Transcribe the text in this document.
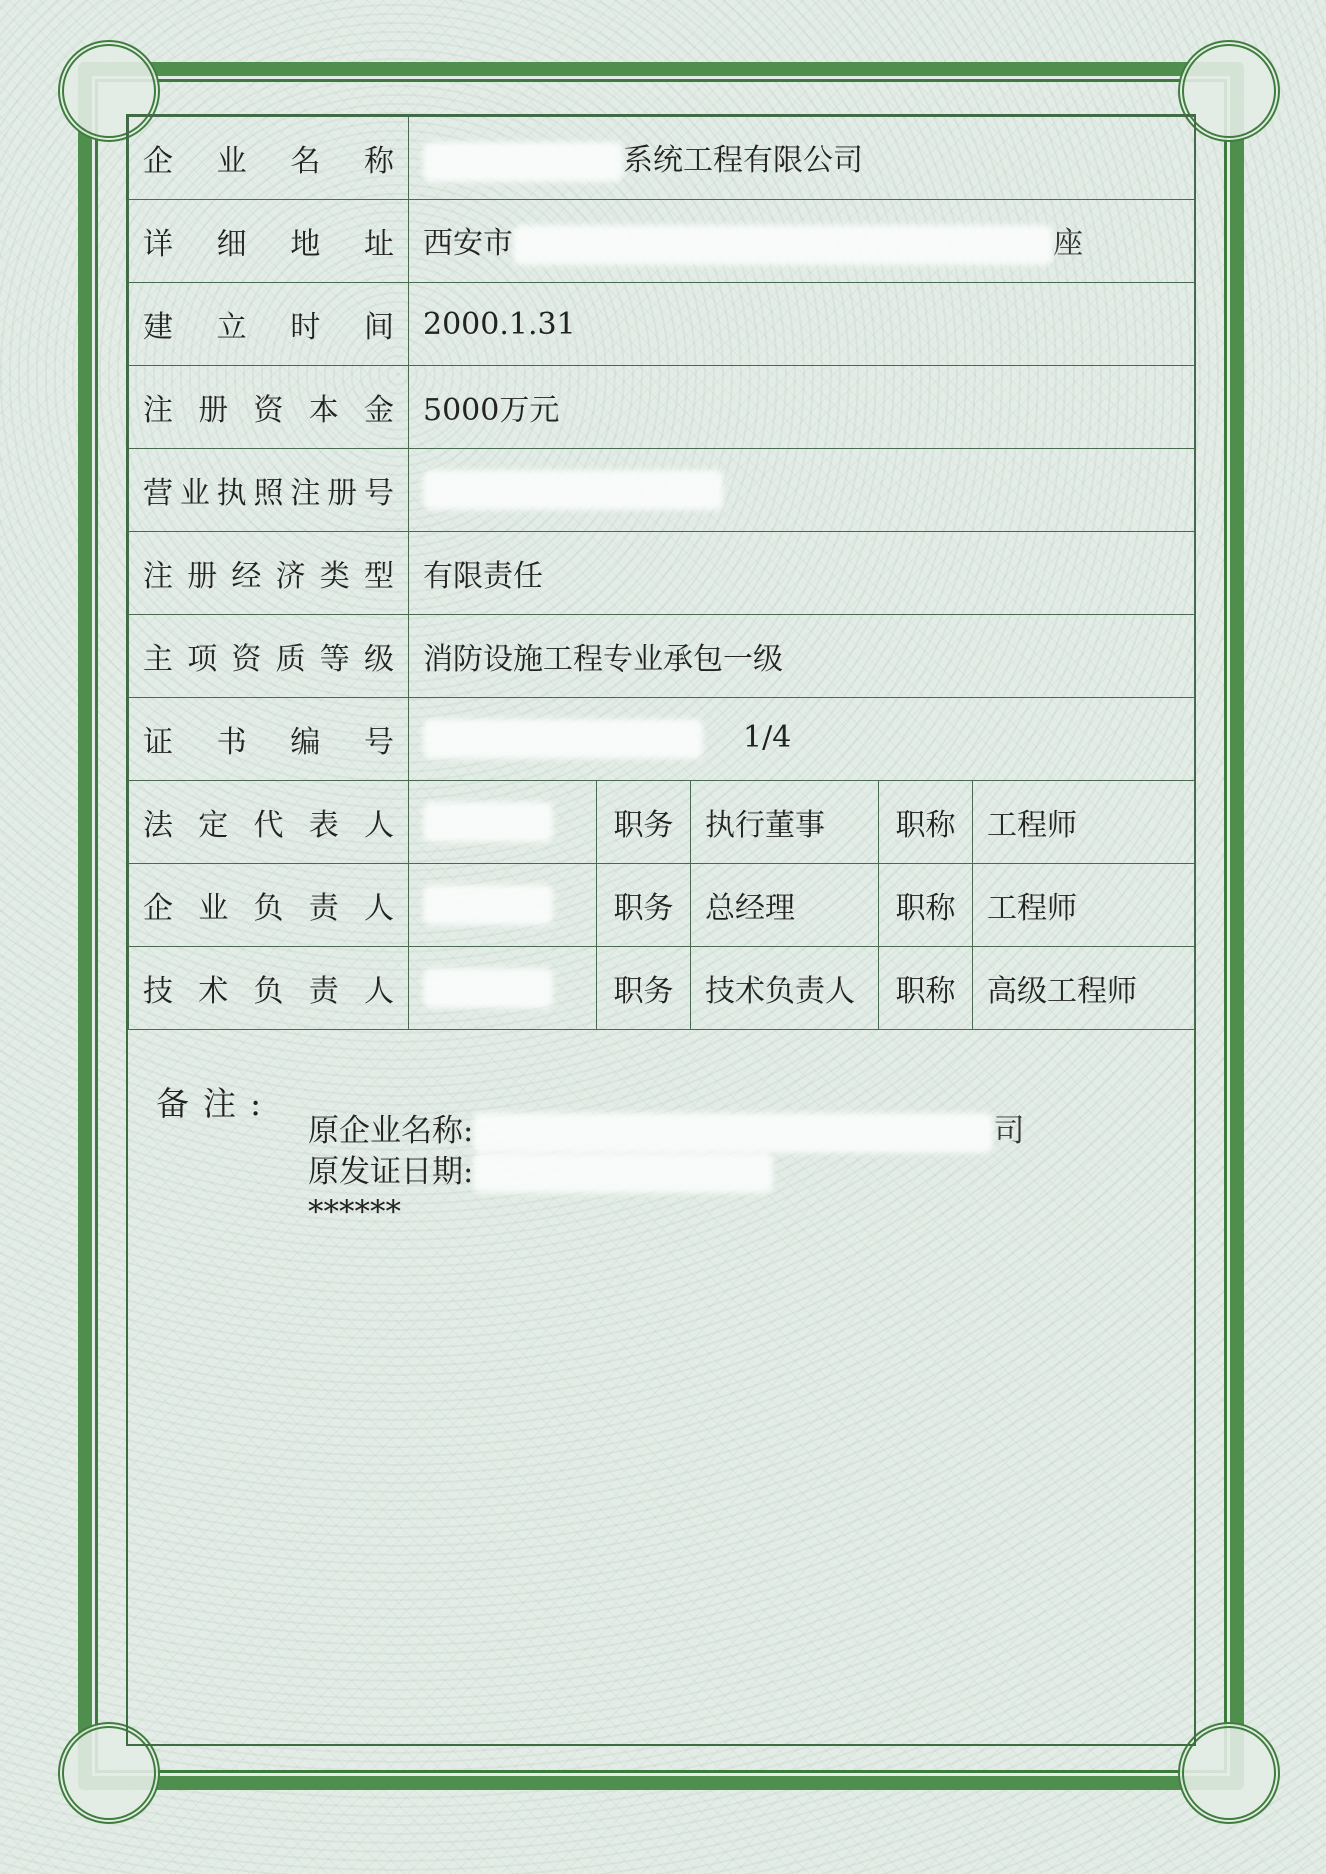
企业名称	系统工程有限公司				
详细地址	西安市 座				
建立时间	2000.1.31				
注册资本金	5000万元				
营业执照注册号					
注册经济类型	有限责任				
主项资质等级	消防设施工程专业承包一级				
证书编号	1/4				
法定代表人		职务	执行董事	职称	工程师
企业负责人		职务	总经理	职称	工程师
技术负责人		职务	技术负责人	职称	高级工程师
备注:
原企业名称:	司
原发证日期:
******
